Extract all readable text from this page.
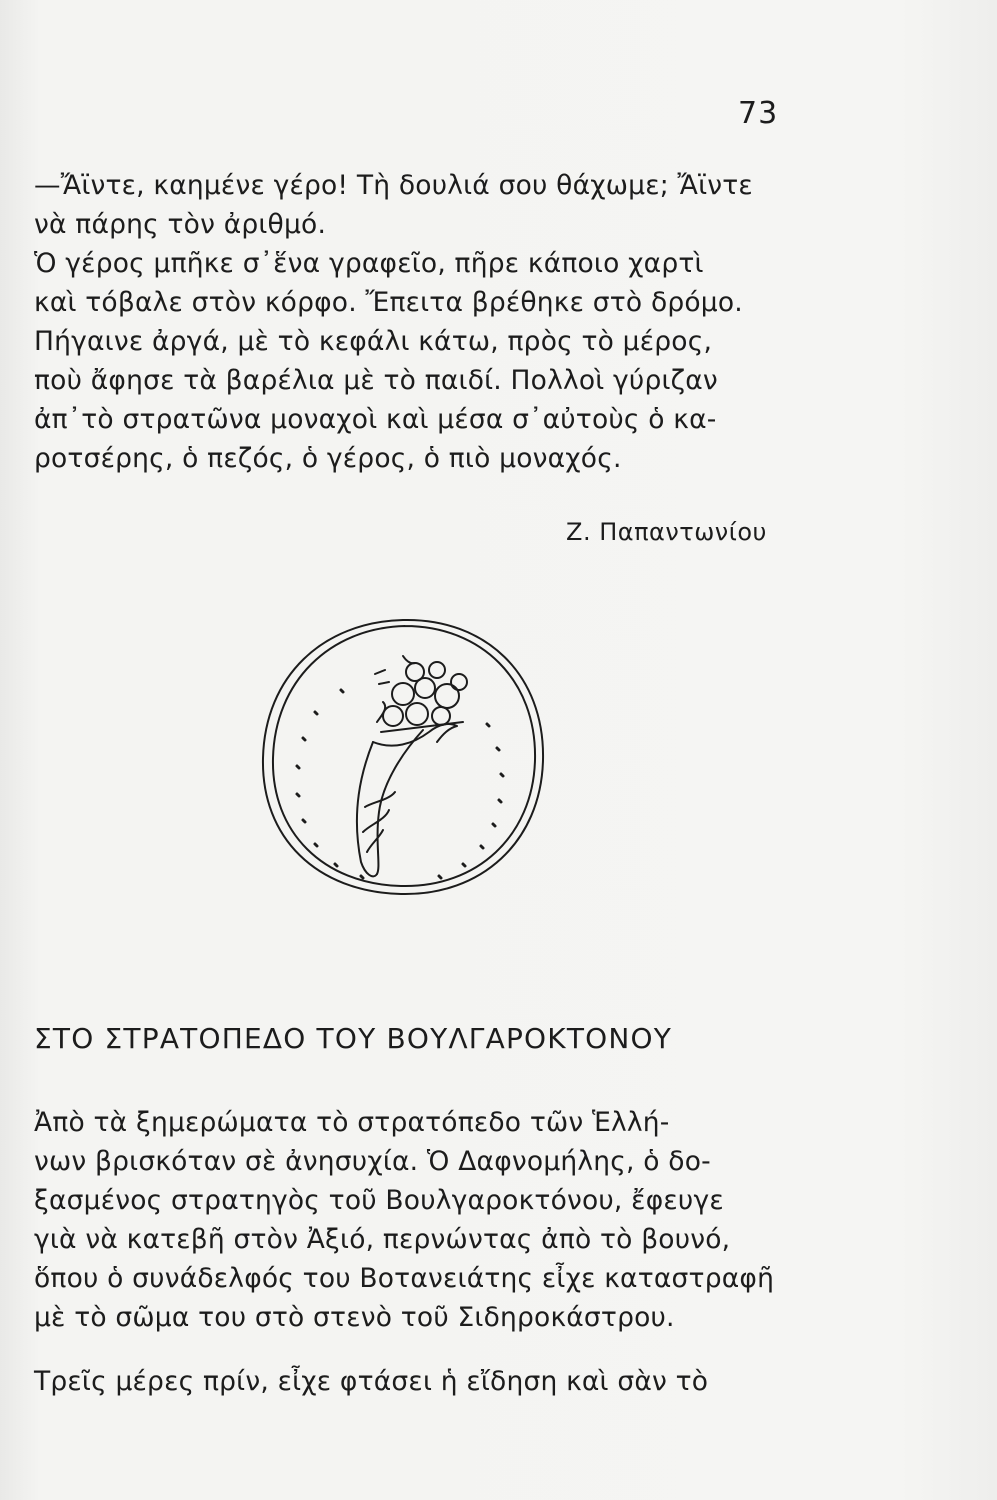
73

—Ἄϊντε, καημένε γέρο! Τὴ δουλιά σου θάχωμε; Ἄϊντε

νὰ πάρης τὸν ἀριθμό.

Ὁ γέρος μπῆκε σ᾿ἕνα γραφεῖο, πῆρε κάποιο χαρτὶ

καὶ τόβαλε στὸν κόρφο. Ἔπειτα βρέθηκε στὸ δρόμο.

Πήγαινε ἀργά, μὲ τὸ κεφάλι κάτω, πρὸς τὸ μέρος,

ποὺ ἄφησε τὰ βαρέλια μὲ τὸ παιδί. Πολλοὶ γύριζαν

ἀπ᾿τὸ στρατῶνα μοναχοὶ καὶ μέσα σ᾿αὐτοὺς ὁ κα-

ροτσέρης, ὁ πεζός, ὁ γέρος, ὁ πιὸ μοναχός.

Ζ. Παπαντωνίου
ΣΤΟ ΣΤΡΑΤΟΠΕΔΟ ΤΟΥ ΒΟΥΛΓΑΡΟΚΤΟΝΟΥ

Ἀπὸ τὰ ξημερώματα τὸ στρατόπεδο τῶν Ἑλλή-

νων βρισκόταν σὲ ἀνησυχία. Ὁ Δαφνομήλης, ὁ δο-

ξασμένος στρατηγὸς τοῦ Βουλγαροκτόνου, ἔφευγε

γιὰ νὰ κατεβῆ στὸν Ἀξιό, περνώντας ἀπὸ τὸ βουνό,

ὅπου ὁ συνάδελφός του Βοτανειάτης εἶχε καταστραφῆ

μὲ τὸ σῶμα του στὸ στενὸ τοῦ Σιδηροκάστρου.

Τρεῖς μέρες πρίν, εἶχε φτάσει ἡ εἴδηση καὶ σὰν τὸ
